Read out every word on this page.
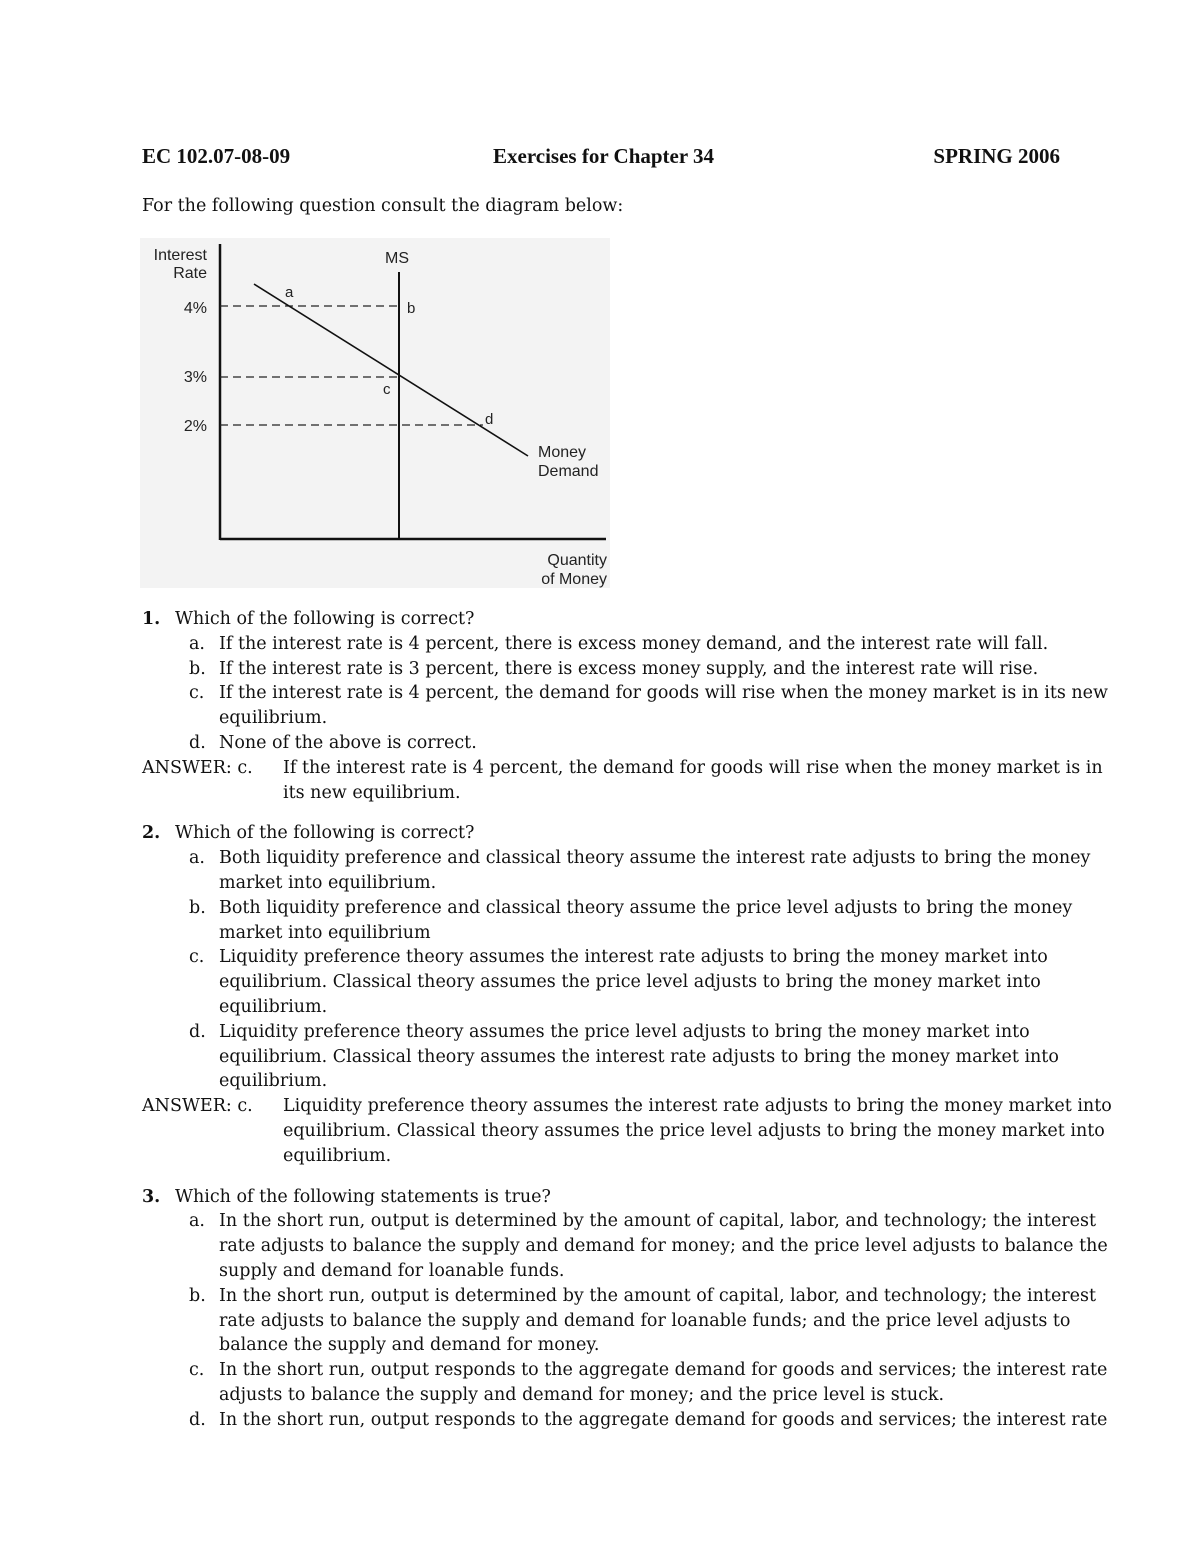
EC 102.07-08-09	Exercises for Chapter 34	SPRING 2006
For the following question consult the diagram below:
Interest
Rate
4%
3%
2%
MS
a
b
c
d
Money
Demand
Quantity
of Money
1. Which of the following is correct?
a. If the interest rate is 4 percent, there is excess money demand, and the interest rate will fall.
b. If the interest rate is 3 percent, there is excess money supply, and the interest rate will rise.
c. If the interest rate is 4 percent, the demand for goods will rise when the money market is in its new equilibrium.
d. None of the above is correct.
ANSWER: c. If the interest rate is 4 percent, the demand for goods will rise when the money market is in its new equilibrium.
2. Which of the following is correct?
a. Both liquidity preference and classical theory assume the interest rate adjusts to bring the money market into equilibrium.
b. Both liquidity preference and classical theory assume the price level adjusts to bring the money market into equilibrium
c. Liquidity preference theory assumes the interest rate adjusts to bring the money market into equilibrium. Classical theory assumes the price level adjusts to bring the money market into equilibrium.
d. Liquidity preference theory assumes the price level adjusts to bring the money market into equilibrium. Classical theory assumes the interest rate adjusts to bring the money market into equilibrium.
ANSWER: c. Liquidity preference theory assumes the interest rate adjusts to bring the money market into equilibrium. Classical theory assumes the price level adjusts to bring the money market into equilibrium.
3. Which of the following statements is true?
a. In the short run, output is determined by the amount of capital, labor, and technology; the interest rate adjusts to balance the supply and demand for money; and the price level adjusts to balance the supply and demand for loanable funds.
b. In the short run, output is determined by the amount of capital, labor, and technology; the interest rate adjusts to balance the supply and demand for loanable funds; and the price level adjusts to balance the supply and demand for money.
c. In the short run, output responds to the aggregate demand for goods and services; the interest rate adjusts to balance the supply and demand for money; and the price level is stuck.
d. In the short run, output responds to the aggregate demand for goods and services; the interest rate
